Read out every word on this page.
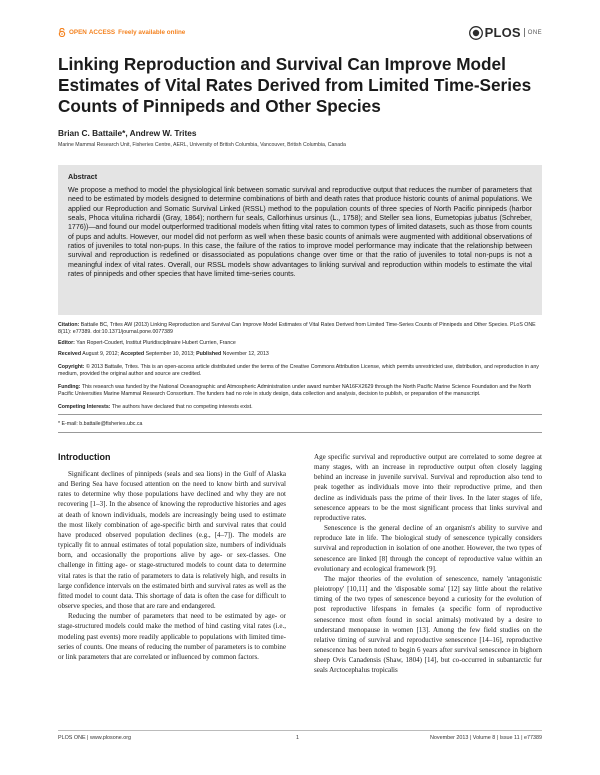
OPEN ACCESS Freely available online	PLOS ONE
Linking Reproduction and Survival Can Improve Model Estimates of Vital Rates Derived from Limited Time-Series Counts of Pinnipeds and Other Species
Brian C. Battaile*, Andrew W. Trites
Marine Mammal Research Unit, Fisheries Centre, AERL, University of British Columbia, Vancouver, British Columbia, Canada
Abstract
We propose a method to model the physiological link between somatic survival and reproductive output that reduces the number of parameters that need to be estimated by models designed to determine combinations of birth and death rates that produce historic counts of animal populations. We applied our Reproduction and Somatic Survival Linked (RSSL) method to the population counts of three species of North Pacific pinnipeds (harbor seals, Phoca vitulina richardii (Gray, 1864); northern fur seals, Callorhinus ursinus (L., 1758); and Steller sea lions, Eumetopias jubatus (Schreber, 1776))—and found our model outperformed traditional models when fitting vital rates to common types of limited datasets, such as those from counts of pups and adults. However, our model did not perform as well when these basic counts of animals were augmented with additional observations of ratios of juveniles to total non-pups. In this case, the failure of the ratios to improve model performance may indicate that the relationship between survival and reproduction is redefined or disassociated as populations change over time or that the ratio of juveniles to total non-pups is not a meaningful index of vital rates. Overall, our RSSL models show advantages to linking survival and reproduction within models to estimate the vital rates of pinnipeds and other species that have limited time-series counts.
Citation: Battaile BC, Trites AW (2013) Linking Reproduction and Survival Can Improve Model Estimates of Vital Rates Derived from Limited Time-Series Counts of Pinnipeds and Other Species. PLoS ONE 8(11): e77389. doi:10.1371/journal.pone.0077389
Editor: Yan Ropert-Coudert, Institut Pluridisciplinaire Hubert Currien, France
Received August 9, 2012; Accepted September 10, 2013; Published November 12, 2013
Copyright: © 2013 Battaile, Trites. This is an open-access article distributed under the terms of the Creative Commons Attribution License, which permits unrestricted use, distribution, and reproduction in any medium, provided the original author and source are credited.
Funding: This research was funded by the National Oceanographic and Atmospheric Administration under award number NA16FX2629 through the North Pacific Marine Science Foundation and the North Pacific Universities Marine Mammal Research Consortium. The funders had no role in study design, data collection and analysis, decision to publish, or preparation of the manuscript.
Competing Interests: The authors have declared that no competing interests exist.
* E-mail: b.battaile@fisheries.ubc.ca
Introduction

Significant declines of pinnipeds (seals and sea lions) in the Gulf of Alaska and Bering Sea have focused attention on the need to know birth and survival rates to determine why those populations have declined and why they are not recovering [1–3]. In the absence of knowing the reproductive histories and ages at death of known individuals, models are increasingly being used to estimate the most likely combination of age-specific birth and survival rates that could have produced observed population declines (e.g., [4–7]). The models are typically fit to annual estimates of total population size, numbers of individuals born, and occasionally the proportions alive by age- or sex-classes. One challenge in fitting age- or stage-structured models to count data to determine vital rates is that the ratio of parameters to data is relatively high, and results in large confidence intervals on the estimated birth and survival rates as well as the fitted model to count data. This shortage of data is often the case for difficult to observe species, and those that are rare and endangered.

Reducing the number of parameters that need to be estimated by age- or stage-structured models could make the method of hind casting vital rates (i.e., modeling past events) more readily applicable to populations with limited time-series of counts. One means of reducing the number of parameters is to combine or link parameters that are correlated or influenced by common factors.

Age specific survival and reproductive output are correlated to some degree at many stages, with an increase in reproductive output often closely lagging behind an increase in juvenile survival. Survival and reproduction also tend to peak together as individuals move into their reproductive prime, and then decline as individuals pass the prime of their lives. In the later stages of life, senescence appears to be the most significant process that links survival and reproductive rates.

Senescence is the general decline of an organism's ability to survive and reproduce late in life. The biological study of senescence typically considers survival and reproduction in isolation of one another. However, the two types of senescence are linked [8] through the concept of reproductive value within an evolutionary and ecological framework [9].

The major theories of the evolution of senescence, namely 'antagonistic pleiotropy' [10,11] and the 'disposable soma' [12] say little about the relative timing of the two types of senescence beyond a curiosity for the evolution of post reproductive lifespans in females (a specific form of reproductive senescence most often found in social animals) motivated by a desire to understand menopause in women [13]. Among the few field studies on the relative timing of survival and reproductive senescence [14–16], reproductive senescence has been noted to begin 6 years after survival senescence in bighorn sheep Ovis Canadensis (Shaw, 1804) [14], but co-occurred in subantarctic fur seals Arctocephalus tropicalis

PLOS ONE | www.plosone.org	1	November 2013 | Volume 8 | Issue 11 | e77389
